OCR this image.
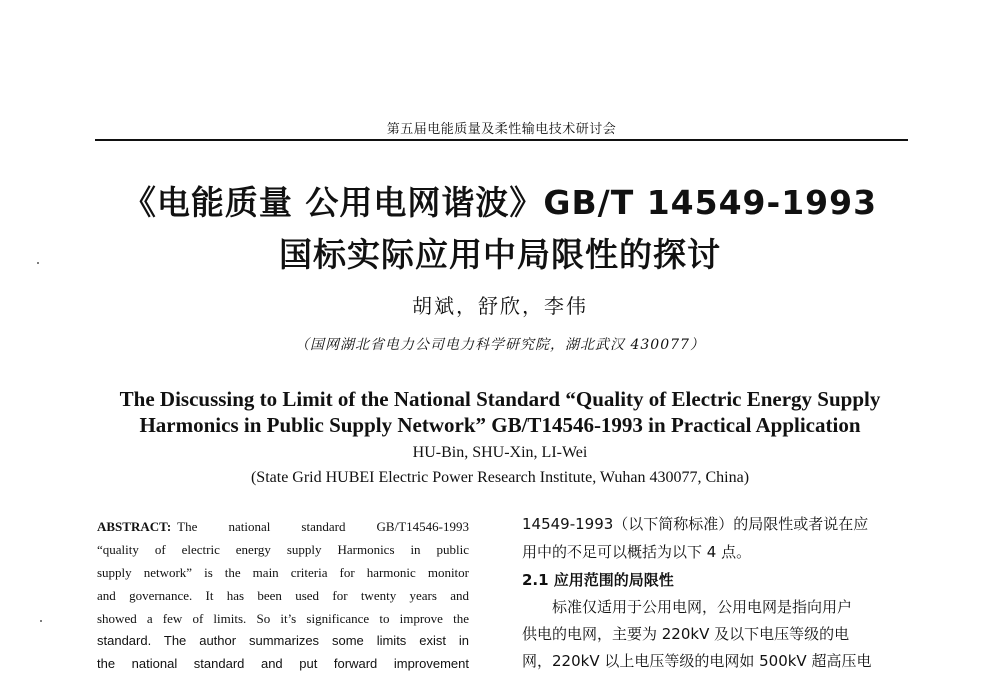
第五届电能质量及柔性输电技术研讨会
《电能质量 公用电网谐波》GB/T 14549-1993
国标实际应用中局限性的探讨
胡斌，舒欣，李伟
（国网湖北省电力公司电力科学研究院，湖北武汉 430077）
The Discussing to Limit of the National Standard “Quality of Electric Energy Supply
Harmonics in Public Supply Network” GB/T14546-1993 in Practical Application
HU-Bin, SHU-Xin, LI-Wei
(State Grid HUBEI Electric Power Research Institute, Wuhan 430077, China)
ABSTRACT: The national standard GB/T14546-1993
“quality of electric energy supply Harmonics in public
supply network” is the main criteria for harmonic monitor
and governance. It has been used for twenty years and
showed a few of limits. So it’s significance to improve the
standard. The author summarizes some limits exist in
the national standard and put forward improvement
14549-1993（以下简称标准）的局限性或者说在应
用中的不足可以概括为以下 4 点。
2.1 应用范围的局限性
标准仅适用于公用电网，公用电网是指向用户
供电的电网，主要为 220kV 及以下电压等级的电
网，220kV 以上电压等级的电网如 500kV 超高压电
